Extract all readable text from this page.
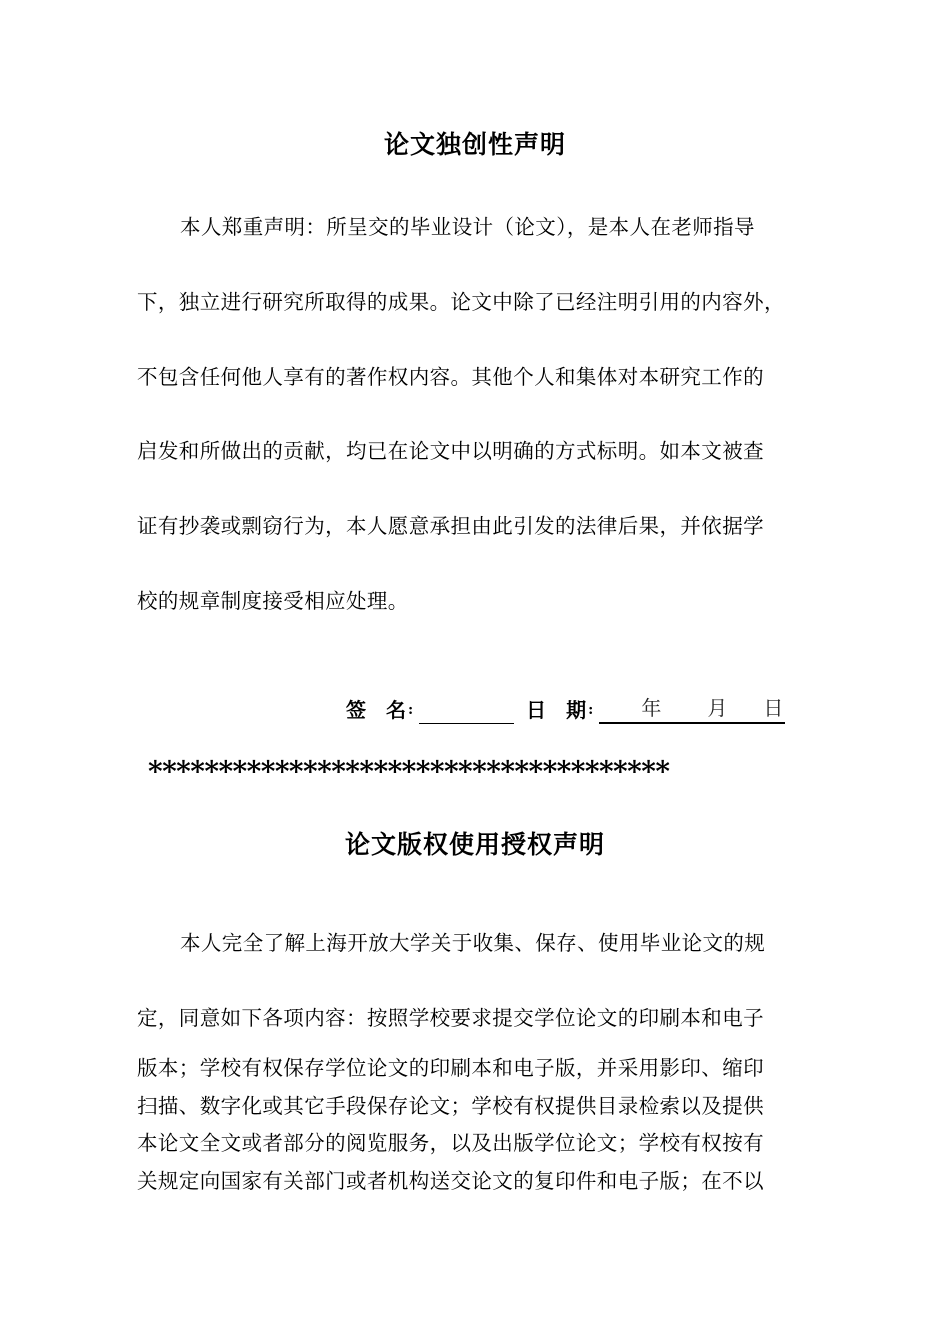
论文独创性声明
本人郑重声明：所呈交的毕业设计（论文），是本人在老师指导
下，独立进行研究所取得的成果。论文中除了已经注明引用的内容外，
不包含任何他人享有的著作权内容。其他个人和集体对本研究工作的
启发和所做出的贡献，均已在论文中以明确的方式标明。如本文被查
证有抄袭或剽窃行为，本人愿意承担由此引发的法律后果，并依据学
校的规章制度接受相应处理。
签　名 :	日　期 : 年 月 日
*************************************
论文版权使用授权声明
本人完全了解上海开放大学关于收集、保存、使用毕业论文的规
定，同意如下各项内容：按照学校要求提交学位论文的印刷本和电子
版本；学校有权保存学位论文的印刷本和电子版，并采用影印、缩印
扫描、数字化或其它手段保存论文；学校有权提供目录检索以及提供
本论文全文或者部分的阅览服务，以及出版学位论文；学校有权按有
关规定向国家有关部门或者机构送交论文的复印件和电子版；在不以
